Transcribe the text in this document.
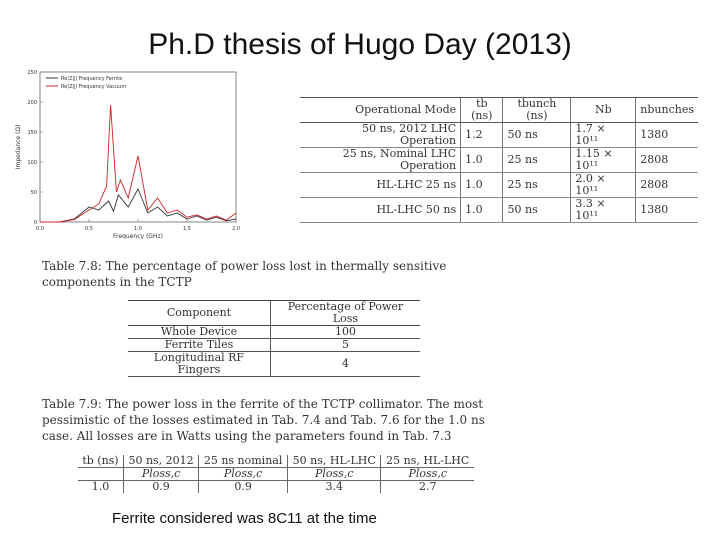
Ph.D thesis of Hugo Day (2013)
0.0	0.5	1.0	1.5	2.0
0
50
100
150
200
250
Frequency (GHz)
Impedance (Ω)
Re(Z∥) Frequency Ferrite
Re(Z∥) Frequency Vacuum
Operational Mode	tb (ns)	tbunch (ns)	Nb	nbunches
50 ns, 2012 LHC Operation	1.2	50 ns	1.7 × 10¹¹	1380
25 ns, Nominal LHC Operation	1.0	25 ns	1.15 × 10¹¹	2808
HL-LHC 25 ns	1.0	25 ns	2.0 × 10¹¹	2808
HL-LHC 50 ns	1.0	50 ns	3.3 × 10¹¹	1380
Table 7.8: The percentage of power loss lost in thermally sensitive components in the TCTP
Component	Percentage of Power Loss
Whole Device	100
Ferrite Tiles	5
Longitudinal RF Fingers	4
Table 7.9: The power loss in the ferrite of the TCTP collimator. The most pessimistic of the losses estimated in Tab. 7.4 and Tab. 7.6 for the 1.0 ns case. All losses are in Watts using the parameters found in Tab. 7.3
tb (ns)	50 ns, 2012	25 ns nominal	50 ns, HL-LHC	25 ns, HL-LHC
	Ploss,c	Ploss,c	Ploss,c	Ploss,c
1.0	0.9	0.9	3.4	2.7
Ferrite considered was 8C11 at the time
